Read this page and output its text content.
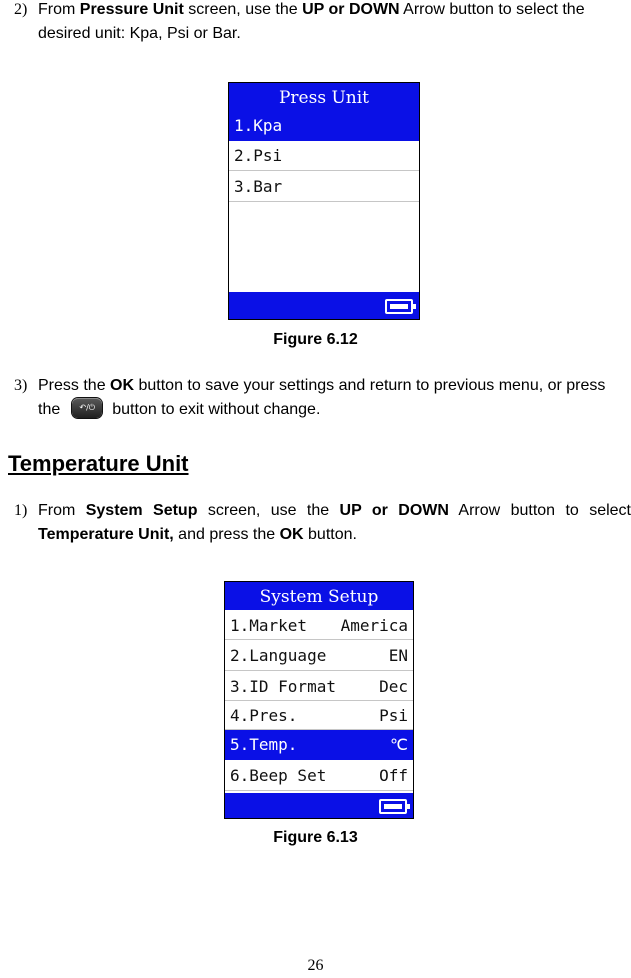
2) From Pressure Unit screen, use the UP or DOWN Arrow button to select the desired unit: Kpa, Psi or Bar.
Press Unit
1.Kpa
2.Psi
3.Bar
Figure 6.12
3) Press the OK button to save your settings and return to previous menu, or press the	↶/⏻	button to exit without change.
Temperature Unit
1) From System Setup screen, use the UP or DOWN Arrow button to select Temperature Unit, and press the OK button.
System Setup
1.Market America
2.Language	EN
3.ID Format	Dec
4.Pres.	Psi
5.Temp.	℃
6.Beep Set	Off
Figure 6.13
26
